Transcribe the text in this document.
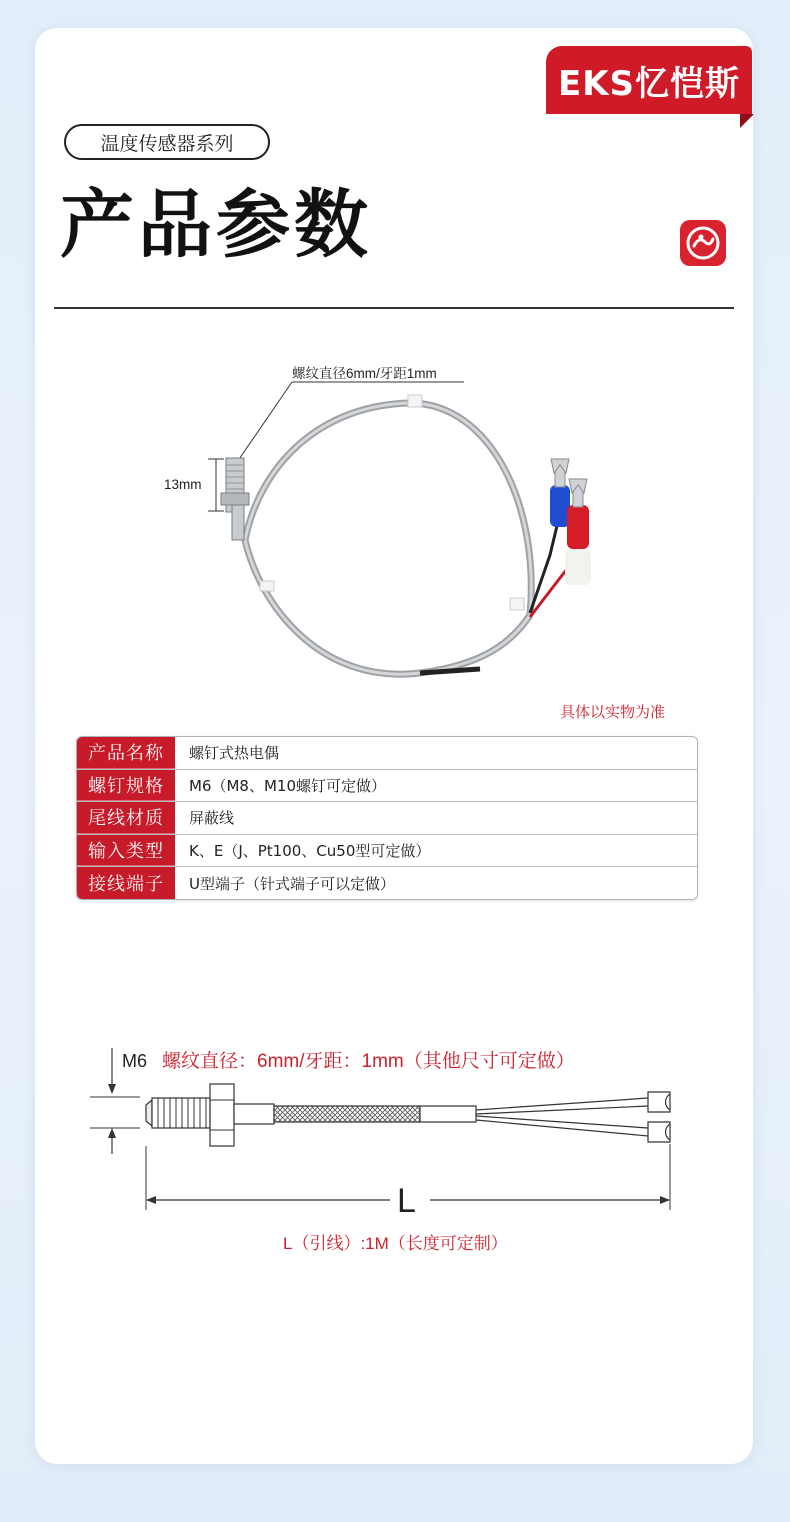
EKS忆恺斯
温度传感器系列
产品参数
螺纹直径6mm/牙距1mm
13mm
具体以实物为准
产品名称	螺钉式热电偶
螺钉规格	M6（M8、M10螺钉可定做）
尾线材质	屏蔽线
输入类型	K、E（J、Pt100、Cu50型可定做）
接线端子	U型端子（针式端子可以定做）
M6 螺纹直径：6mm/牙距：1mm（其他尺寸可定做）
L
L（引线）:1M（长度可定制）
